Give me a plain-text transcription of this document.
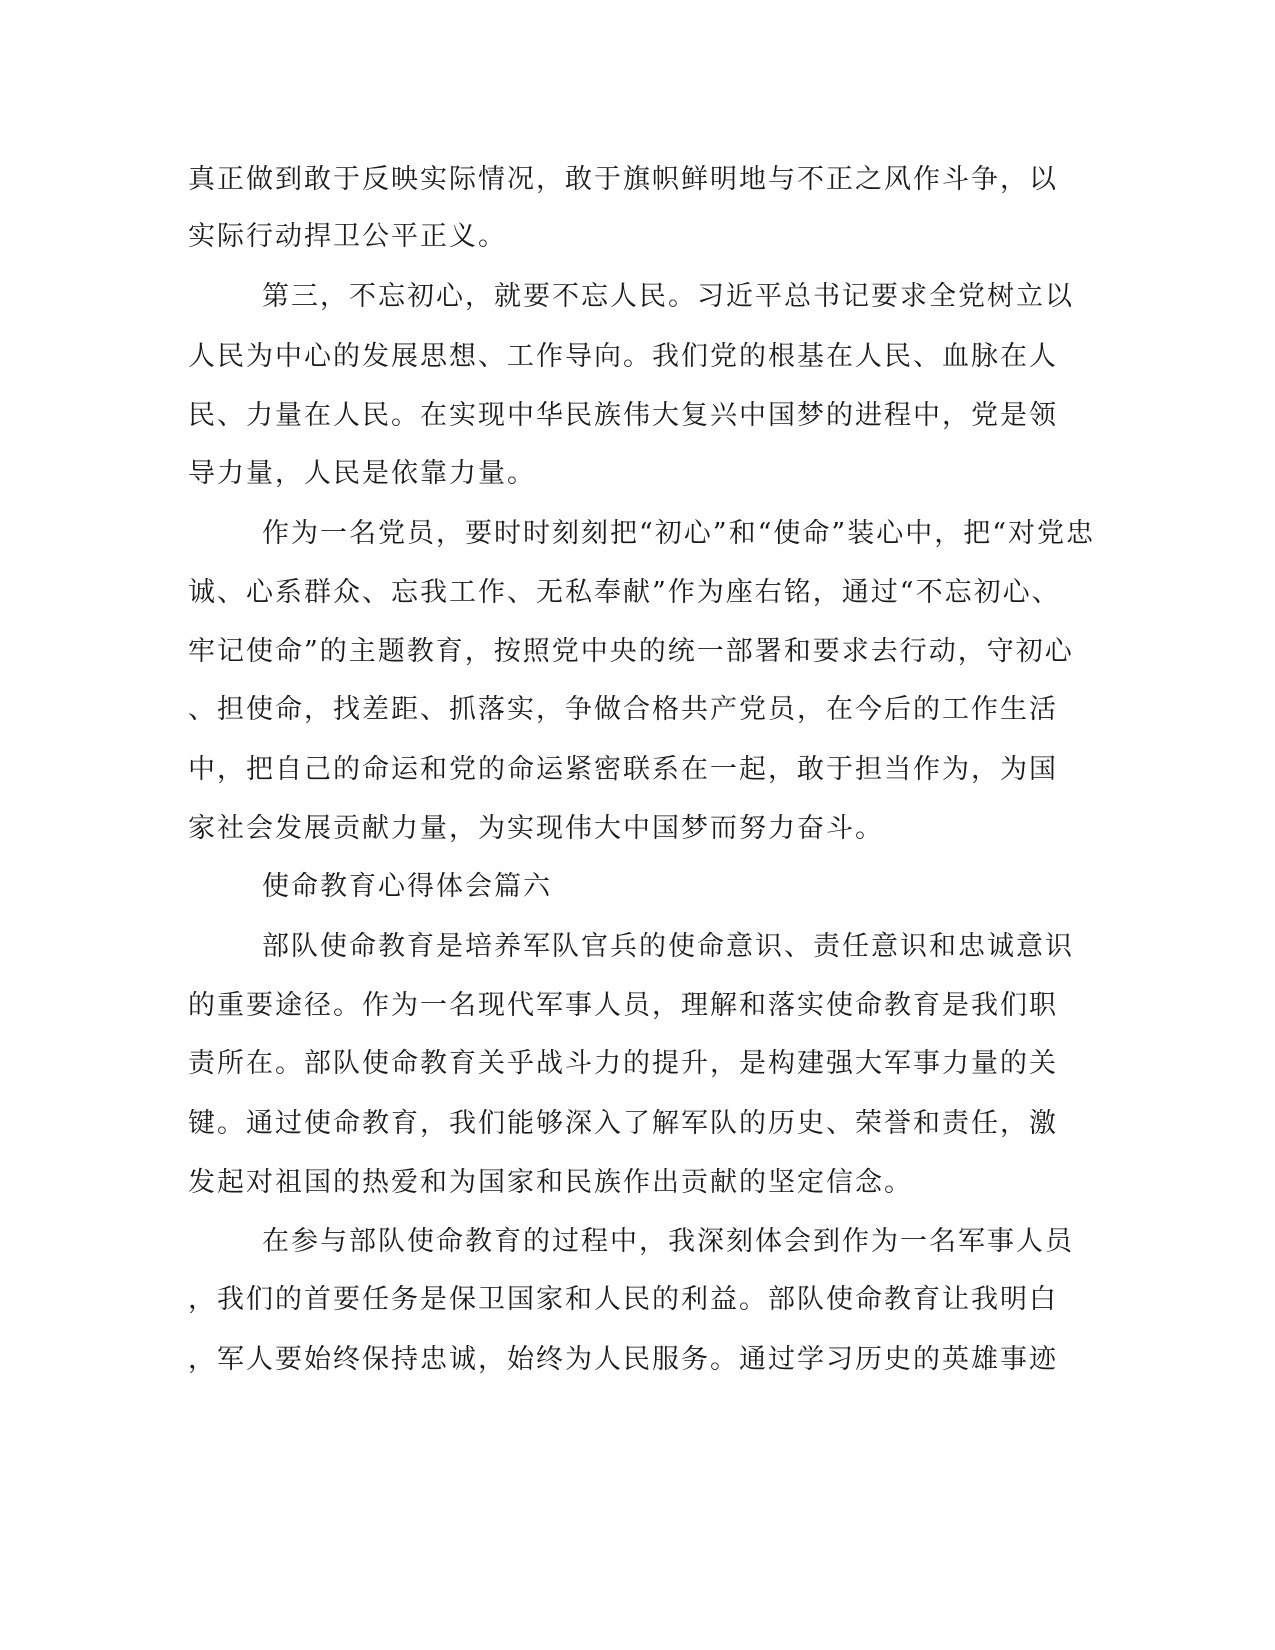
真正做到敢于反映实际情况，敢于旗帜鲜明地与不正之风作斗争，以
实际行动捍卫公平正义。
第三，不忘初心，就要不忘人民。习近平总书记要求全党树立以
人民为中心的发展思想、工作导向。我们党的根基在人民、血脉在人
民、力量在人民。在实现中华民族伟大复兴中国梦的进程中，党是领
导力量，人民是依靠力量。
作为一名党员，要时时刻刻把“初心”和“使命”装心中，把“对党忠
诚、心系群众、忘我工作、无私奉献”作为座右铭，通过“不忘初心、
牢记使命”的主题教育，按照党中央的统一部署和要求去行动，守初心
、担使命，找差距、抓落实，争做合格共产党员，在今后的工作生活
中，把自己的命运和党的命运紧密联系在一起，敢于担当作为，为国
家社会发展贡献力量，为实现伟大中国梦而努力奋斗。
使命教育心得体会篇六
部队使命教育是培养军队官兵的使命意识、责任意识和忠诚意识
的重要途径。作为一名现代军事人员，理解和落实使命教育是我们职
责所在。部队使命教育关乎战斗力的提升，是构建强大军事力量的关
键。通过使命教育，我们能够深入了解军队的历史、荣誉和责任，激
发起对祖国的热爱和为国家和民族作出贡献的坚定信念。
在参与部队使命教育的过程中，我深刻体会到作为一名军事人员
，我们的首要任务是保卫国家和人民的利益。部队使命教育让我明白
，军人要始终保持忠诚，始终为人民服务。通过学习历史的英雄事迹
